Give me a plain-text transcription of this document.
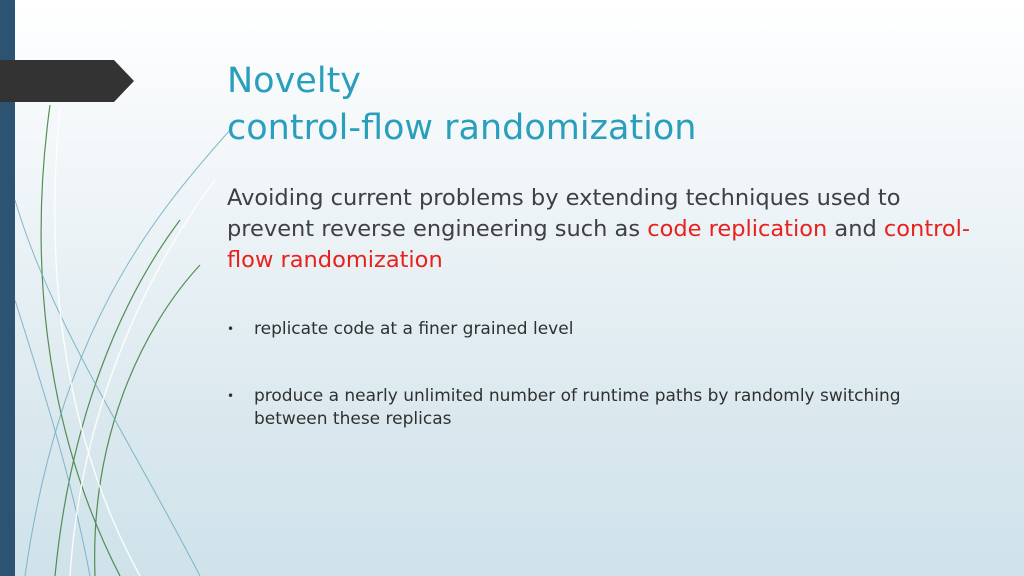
Novelty
control-flow randomization
Avoiding current problems by extending techniques used to prevent reverse engineering such as code replication and control-flow randomization
• replicate code at a finer grained level
• produce a nearly unlimited number of runtime paths by randomly switching between these replicas
